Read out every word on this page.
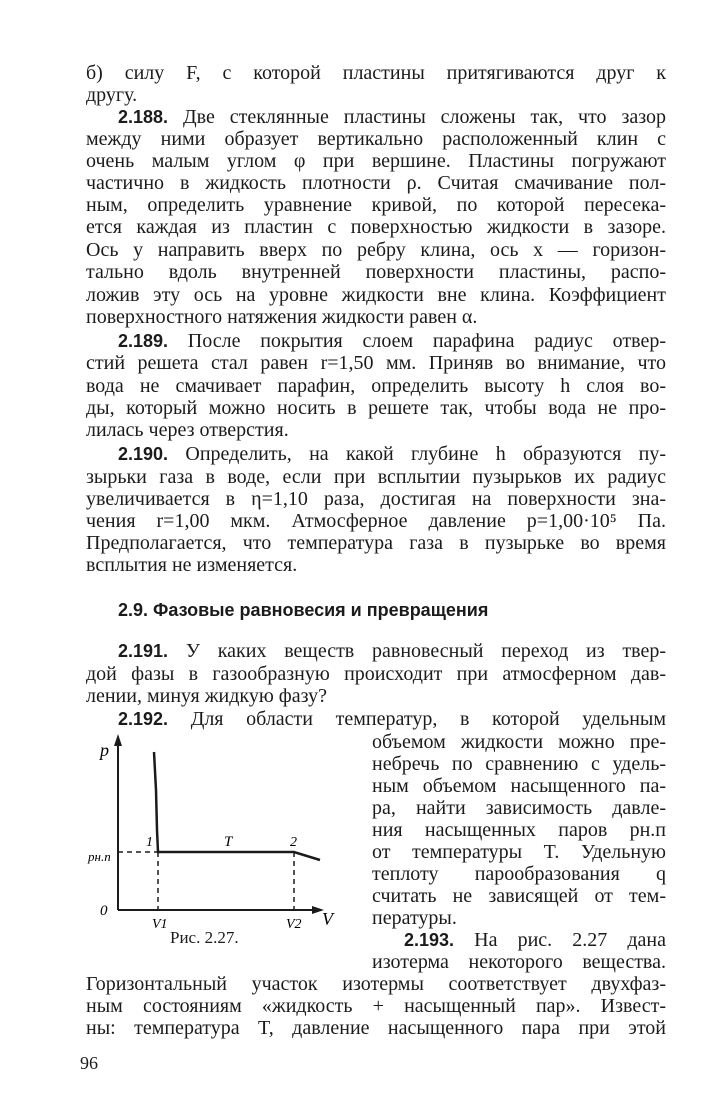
б) силу F, с которой пластины притягиваются друг к
другу.
2.188. Две стеклянные пластины сложены так, что зазор
между ними образует вертикально расположенный клин с
очень малым углом φ при вершине. Пластины погружают
частично в жидкость плотности ρ. Считая смачивание пол-
ным, определить уравнение кривой, по которой пересека-
ется каждая из пластин с поверхностью жидкости в зазоре.
Ось y направить вверх по ребру клина, ось x — горизон-
тально вдоль внутренней поверхности пластины, распо-
ложив эту ось на уровне жидкости вне клина. Коэффициент
поверхностного натяжения жидкости равен α.
2.189. После покрытия слоем парафина радиус отвер-
стий решета стал равен r=1,50 мм. Приняв во внимание, что
вода не смачивает парафин, определить высоту h слоя во-
ды, который можно носить в решете так, чтобы вода не про-
лилась через отверстия.
2.190. Определить, на какой глубине h образуются пу-
зырьки газа в воде, если при всплытии пузырьков их радиус
увеличивается в η=1,10 раза, достигая на поверхности зна-
чения r=1,00 мкм. Атмосферное давление p=1,00·10⁵ Па.
Предполагается, что температура газа в пузырьке во время
всплытия не изменяется.
2.9. Фазовые равновесия и превращения
2.191. У каких веществ равновесный переход из твер-
дой фазы в газообразную происходит при атмосферном дав-
лении, минуя жидкую фазу?
2.192. Для области температур, в которой удельным
объемом жидкости можно пре-
небречь по сравнению с удель-
ным объемом насыщенного па-
ра, найти зависимость давле-
ния насыщенных паров pн.п
от температуры T. Удельную
теплоту парообразования q
считать не зависящей от тем-
пературы.
2.193. На рис. 2.27 дана
изотерма некоторого вещества.
Горизонтальный участок изотермы соответствует двухфаз-
ным состояниям «жидкость + насыщенный пар». Извест-
ны: температура T, давление насыщенного пара при этой
p
V
0
pн.п
1	2
T
V1	V2
Рис. 2.27.
96
